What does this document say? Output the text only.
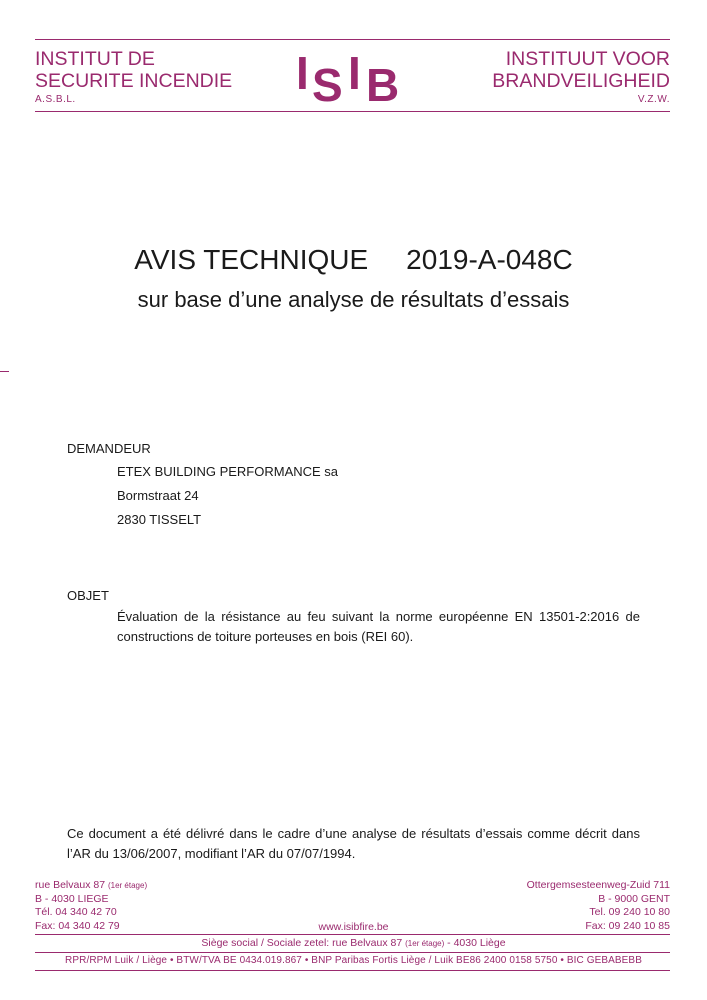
INSTITUT DE
SECURITE INCENDIE
A.S.B.L.
I S I B	INSTITUUT VOOR
BRANDVEILIGHEID
V.Z.W.
AVIS TECHNIQUE 2019-A-048C
sur base d’une analyse de résultats d’essais
DEMANDEUR
ETEX BUILDING PERFORMANCE sa
Bormstraat 24
2830 TISSELT
OBJET
Évaluation de la résistance au feu suivant la norme européenne EN 13501-2:2016 de
constructions de toiture porteuses en bois (REI 60).
Ce document a été délivré dans le cadre d’une analyse de résultats d’essais comme décrit dans
l’AR du 13/06/2007, modifiant l’AR du 07/07/1994.
rue Belvaux 87 (1er étage)
B - 4030 LIEGE
Tél. 04 340 42 70
Fax: 04 340 42 79
Ottergemsesteenweg-Zuid 711
B - 9000 GENT
Tel. 09 240 10 80
Fax: 09 240 10 85
www.isibfire.be
Siège social / Sociale zetel: rue Belvaux 87 (1er étage) - 4030 Liège
RPR/RPM Luik / Liège • BTW/TVA BE 0434.019.867 • BNP Paribas Fortis Liège / Luik BE86 2400 0158 5750 • BIC GEBABEBB
